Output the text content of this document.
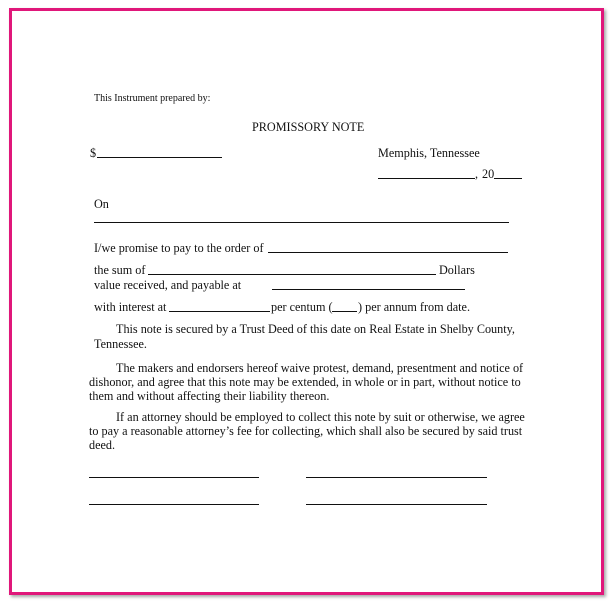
This Instrument prepared by:
PROMISSORY NOTE
$	Memphis, Tennessee
, 20
On
I/we promise to pay to the order of
the sum of	Dollars
value received, and payable at
with interest at	per centum ( ) per annum from date.
This note is secured by a Trust Deed of this date on Real Estate in Shelby County,
Tennessee.
The makers and endorsers hereof waive protest, demand, presentment and notice of
dishonor, and agree that this note may be extended, in whole or in part, without notice to
them and without affecting their liability thereon.
If an attorney should be employed to collect this note by suit or otherwise, we agree
to pay a reasonable attorney’s fee for collecting, which shall also be secured by said trust
deed.
